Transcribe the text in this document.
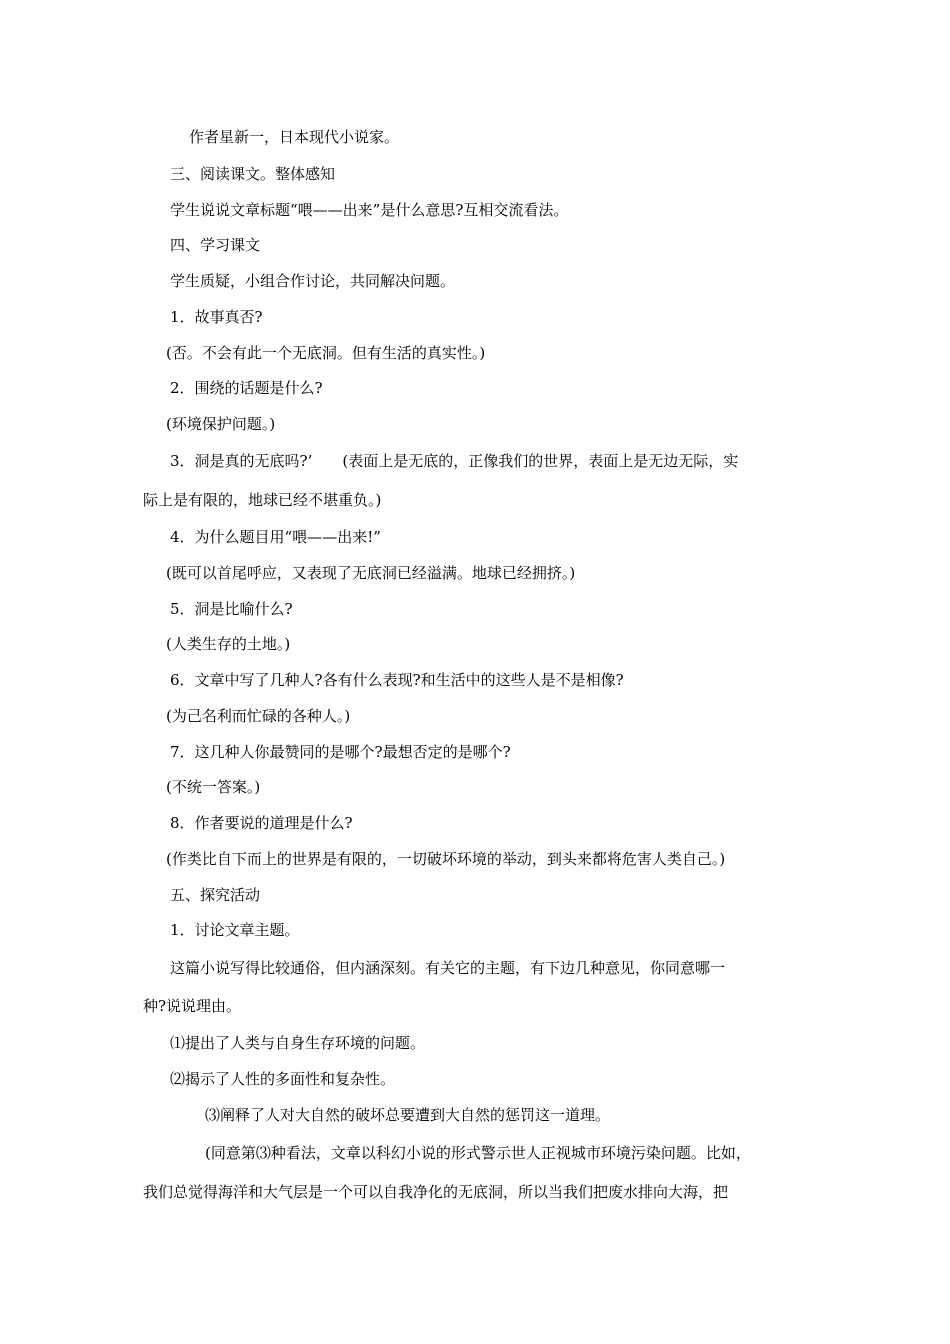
作者星新一，日本现代小说家。
三、阅读课文。整体感知
学生说说文章标题“喂——出来”是什么意思?互相交流看法。
四、学习课文
学生质疑，小组合作讨论，共同解决问题。
1．故事真否?
(否。不会有此一个无底洞。但有生活的真实性。)
2．围绕的话题是什么?
(环境保护问题。)
3．洞是真的无底吗?’　　(表面上是无底的，正像我们的世界，表面上是无边无际，实
际上是有限的，地球已经不堪重负。)
4．为什么题目用“喂——出来!”
(既可以首尾呼应，又表现了无底洞已经溢满。地球已经拥挤。)
5．洞是比喻什么?
(人类生存的土地。)
6．文章中写了几种人?各有什么表现?和生活中的这些人是不是相像?
(为己名利而忙碌的各种人。)
7．这几种人你最赞同的是哪个?最想否定的是哪个?
(不统一答案。)
8．作者要说的道理是什么?
(作类比自下而上的世界是有限的，一切破坏环境的举动，到头来都将危害人类自己。)
五、探究活动
1．讨论文章主题。
这篇小说写得比较通俗，但内涵深刻。有关它的主题，有下边几种意见，你同意哪一
种?说说理由。
⑴提出了人类与自身生存环境的问题。
⑵揭示了人性的多面性和复杂性。
⑶阐释了人对大自然的破坏总要遭到大自然的惩罚这一道理。
(同意第⑶种看法，文章以科幻小说的形式警示世人正视城市环境污染问题。比如，
我们总觉得海洋和大气层是一个可以自我净化的无底洞，所以当我们把废水排向大海，把
